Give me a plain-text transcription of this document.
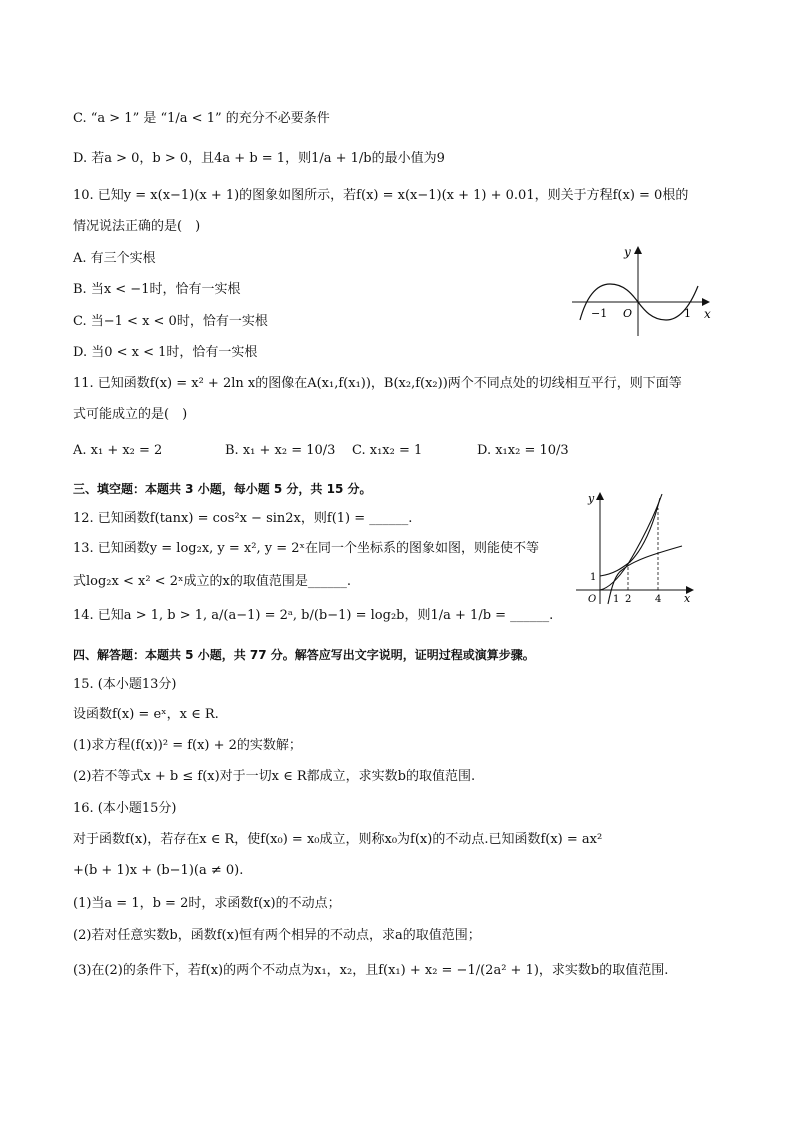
C. “a > 1” 是 “1/a < 1” 的充分不必要条件
D. 若a > 0，b > 0，且4a + b = 1，则1/a + 1/b的最小值为9
10. 已知y = x(x−1)(x + 1)的图象如图所示，若f(x) = x(x−1)(x + 1) + 0.01，则关于方程f(x) = 0根的
情况说法正确的是(　)
A. 有三个实根
B. 当x < −1时，恰有一实根
C. 当−1 < x < 0时，恰有一实根
D. 当0 < x < 1时，恰有一实根
y
x
−1 O	1
11. 已知函数f(x) = x² + 2ln x的图像在A(x₁,f(x₁))，B(x₂,f(x₂))两个不同点处的切线相互平行，则下面等
式可能成立的是(　)
A. x₁ + x₂ = 2	B. x₁ + x₂ = 10/3 C. x₁x₂ = 1	D. x₁x₂ = 10/3
三、填空题：本题共 3 小题，每小题 5 分，共 15 分。
12. 已知函数f(tanx) = cos²x − sin2x，则f(1) = ______.
13. 已知函数y = log₂x, y = x², y = 2ˣ在同一个坐标系的图象如图，则能使不等
式log₂x < x² < 2ˣ成立的x的取值范围是______.
y
x
1
O 1 2 4
14. 已知a > 1, b > 1, a/(a−1) = 2ᵃ, b/(b−1) = log₂b，则1/a + 1/b = ______.
四、解答题：本题共 5 小题，共 77 分。解答应写出文字说明，证明过程或演算步骤。
15. (本小题13分)
设函数f(x) = eˣ，x ∈ R.
(1)求方程(f(x))² = f(x) + 2的实数解；
(2)若不等式x + b ≤ f(x)对于一切x ∈ R都成立，求实数b的取值范围.
16. (本小题15分)
对于函数f(x)，若存在x ∈ R，使f(x₀) = x₀成立，则称x₀为f(x)的不动点.已知函数f(x) = ax²
+(b + 1)x + (b−1)(a ≠ 0).
(1)当a = 1，b = 2时，求函数f(x)的不动点；
(2)若对任意实数b，函数f(x)恒有两个相异的不动点，求a的取值范围；
(3)在(2)的条件下，若f(x)的两个不动点为x₁，x₂，且f(x₁) + x₂ = −1/(2a² + 1)，求实数b的取值范围.
